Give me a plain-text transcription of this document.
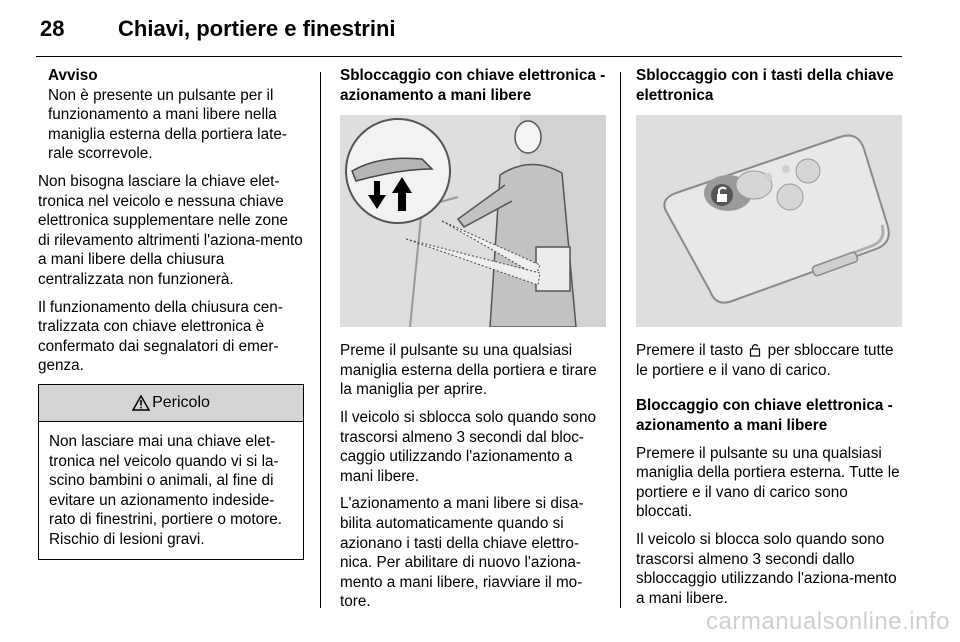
28 Chiavi, portiere e finestrini
Avviso
Non è presente un pulsante per il funzionamento a mani libere nella maniglia esterna della portiera late-rale scorrevole.

Non bisogna lasciare la chiave elet-tronica nel veicolo e nessuna chiave elettronica supplementare nelle zone di rilevamento altrimenti l'aziona-mento a mani libere della chiusura centralizzata non funzionerà.

Il funzionamento della chiusura cen-tralizzata con chiave elettronica è confermato dai segnalatori di emer-genza.

Pericolo
Non lasciare mai una chiave elet-tronica nel veicolo quando vi si la-scino bambini o animali, al fine di evitare un azionamento indeside-rato di finestrini, portiere o motore. Rischio di lesioni gravi.

Sbloccaggio con chiave elettronica - azionamento a mani libere

Preme il pulsante su una qualsiasi maniglia esterna della portiera e tirare la maniglia per aprire.

Il veicolo si sblocca solo quando sono trascorsi almeno 3 secondi dal bloc-caggio utilizzando l'azionamento a mani libere.

L'azionamento a mani libere si disa-bilita automaticamente quando si azionano i tasti della chiave elettro-nica. Per abilitare di nuovo l'aziona-mento a mani libere, riavviare il mo-tore.

Sbloccaggio con i tasti della chiave elettronica

Premere il tasto per sbloccare tutte le portiere e il vano di carico.

Bloccaggio con chiave elettronica - azionamento a mani libere

Premere il pulsante su una qualsiasi maniglia della portiera esterna. Tutte le portiere e il vano di carico sono bloccati.

Il veicolo si blocca solo quando sono trascorsi almeno 3 secondi dallo sbloccaggio utilizzando l'aziona-mento a mani libere.

carmanualsonline.info
